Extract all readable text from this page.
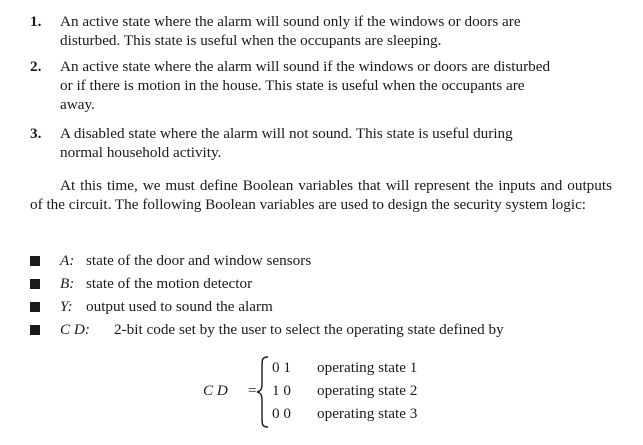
1. An active state where the alarm will sound only if the windows or doors are
disturbed. This state is useful when the occupants are sleeping.
2. An active state where the alarm will sound if the windows or doors are disturbed
or if there is motion in the house. This state is useful when the occupants are
away.
3. A disabled state where the alarm will not sound. This state is useful during
normal household activity.
At this time, we must define Boolean variables that will represent the inputs and outputs of the circuit. The following Boolean variables are used to design the security system logic:
A: state of the door and window sensors
B: state of the motion detector
Y: output used to sound the alarm
C D: 2-bit code set by the user to select the operating state defined by
C D =
0 1 operating state 1
1 0 operating state 2
0 0 operating state 3
